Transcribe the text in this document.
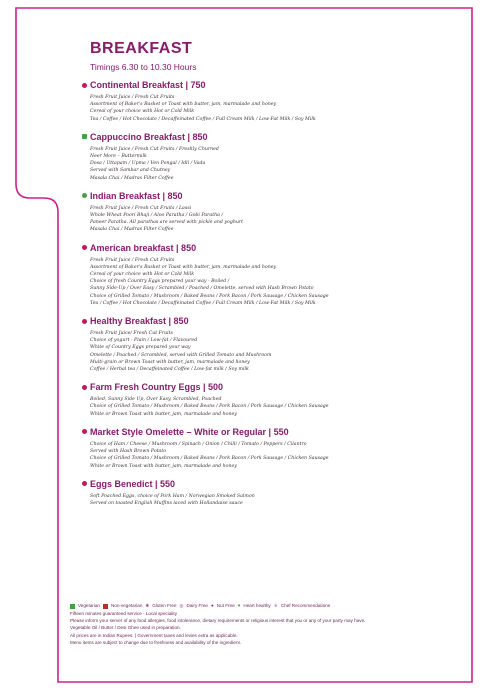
BREAKFAST
Timings 6.30 to 10.30 Hours
Continental Breakfast | 750
Fresh Fruit Juice / Fresh Cut Fruits
Assortment of Baker's Basket or Toast with butter, jam, marmalade and honey
Cereal of your choice with Hot or Cold Milk
Tea / Coffee / Hot Chocolate / Decaffeinated Coffee / Full Cream Milk / Low-Fat Milk / Soy Milk
Cappuccino Breakfast | 850
Fresh Fruit Juice / Fresh Cut Fruits / Freshly Churned
Neer More – Buttermilk
Dosa / Uttapam / Upma / Ven Pongal / Idli / Vada
Served with Sambar and Chutney
Masala Chai / Madras Filter Coffee
Indian Breakfast | 850
Fresh Fruit Juice / Fresh Cut Fruits / Lassi
Whole Wheat Poori Bhaji / Aloo Paratha / Gobi Paratha /
Paneer Paratha. All parathas are served with pickle and yoghurt
Masala Chai / Madras Filter Coffee
American breakfast | 850
Fresh Fruit Juice / Fresh Cut Fruits
Assortment of Baker's Basket or Toast with butter, jam, marmalade and honey
Cereal of your choice with Hot or Cold Milk
Choice of fresh Country Eggs prepared your way - Boiled /
Sunny Side-Up / Over Easy / Scrambled / Poached / Omelette, served with Hash Brown Potato
Choice of Grilled Tomato / Mushroom / Baked Beans / Pork Bacon / Pork Sausage / Chicken Sausage
Tea / Coffee / Hot Chocolate / Decaffeinated Coffee / Full Cream Milk / Low-Fat Milk / Soy Milk
Healthy Breakfast | 850
Fresh Fruit Juice/ Fresh Cut Fruits
Choice of yogurt - Plain / Low-fat / Flavoured
White of Country Eggs prepared your way
Omelette / Poached / Scrambled, served with Grilled Tomato and Mushroom
Multi-grain or Brown Toast with butter, jam, marmalade and honey
Coffee / Herbal tea / Decaffeinated Coffee / Low-fat milk / Soy milk
Farm Fresh Country Eggs | 500
Boiled, Sunny Side Up, Over Easy, Scrambled, Poached
Choice of Grilled Tomato / Mushroom / Baked Beans / Pork Bacon / Pork Sausage / Chicken Sausage
White or Brown Toast with butter, jam, marmalade and honey
Market Style Omelette – White or Regular | 550
Choice of Ham / Cheese / Mushroom / Spinach / Onion / Chilli / Tomato / Peppers / Cilantro
Served with Hash Brown Potato
Choice of Grilled Tomato / Mushroom / Baked Beans / Pork Bacon / Pork Sausage / Chicken Sausage
White or Brown Toast with butter, jam, marmalade and honey
Eggs Benedict | 550
Soft Poached Eggs, choice of Pork Ham / Norwegian Smoked Salmon
Served on toasted English Muffins laced with Hollandaise sauce
Vegetarian Non-vegetarian ❋ Gluten Free ◎ Dairy Free ● Nut Free ♥ Heart healthy ♕ Chef Recommendations
Fifteen minutes guaranteed service · Local speciality
Please inform your server of any food allergies, food intolerance, dietary requirements or religious interest that you or any of your party may have.
Vegetable Oil / Butter / Desi Ghee used in preparation.
All prices are in Indian Rupees. | Government taxes and levies extra as applicable.
Menu items are subject to change due to freshness and availability of the ingredient.
